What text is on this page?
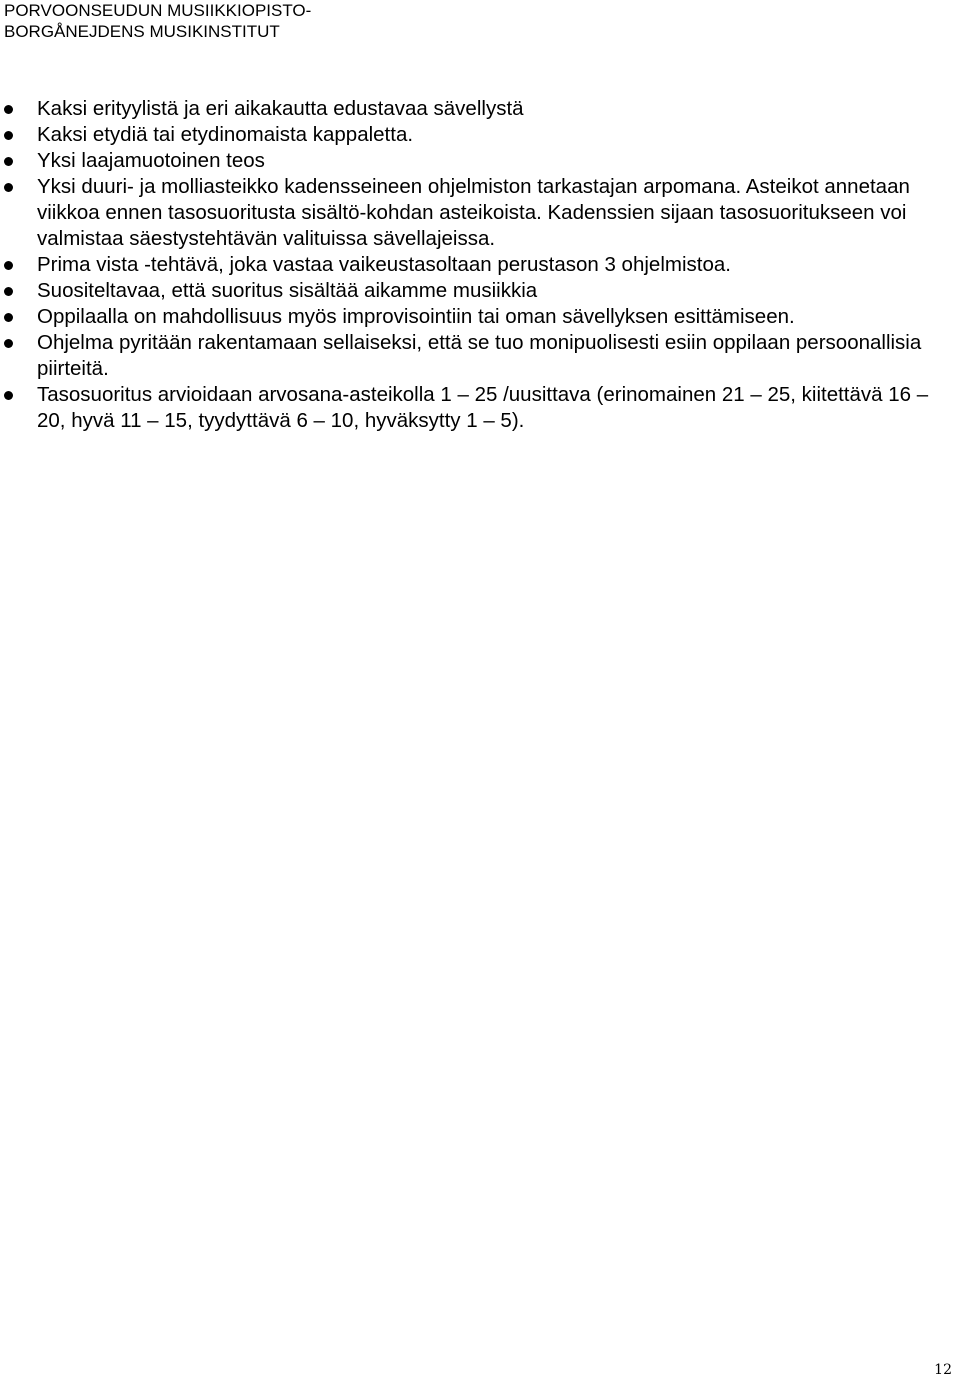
PORVOONSEUDUN MUSIIKKIOPISTO-
BORGÅNEJDENS MUSIKINSTITUT
Kaksi erityylistä ja eri aikakautta edustavaa sävellystä
Kaksi etydiä tai etydinomaista kappaletta.
Yksi laajamuotoinen teos
Yksi duuri- ja molliasteikko kadensseineen ohjelmiston tarkastajan arpomana. Asteikot annetaan viikkoa ennen tasosuoritusta sisältö-kohdan asteikoista. Kadenssien sijaan tasosuoritukseen voi valmistaa säestystehtävän valituissa sävellajeissa.
Prima vista -tehtävä, joka vastaa vaikeustasoltaan perustason 3 ohjelmistoa.
Suositeltavaa, että suoritus sisältää aikamme musiikkia
Oppilaalla on mahdollisuus myös improvisointiin tai oman sävellyksen esittämiseen.
Ohjelma pyritään rakentamaan sellaiseksi, että se tuo monipuolisesti esiin oppilaan persoonallisia piirteitä.
Tasosuoritus arvioidaan arvosana-asteikolla 1 – 25 /uusittava (erinomainen 21 – 25, kiitettävä 16 – 20, hyvä 11 – 15, tyydyttävä 6 – 10, hyväksytty 1 – 5).
12
